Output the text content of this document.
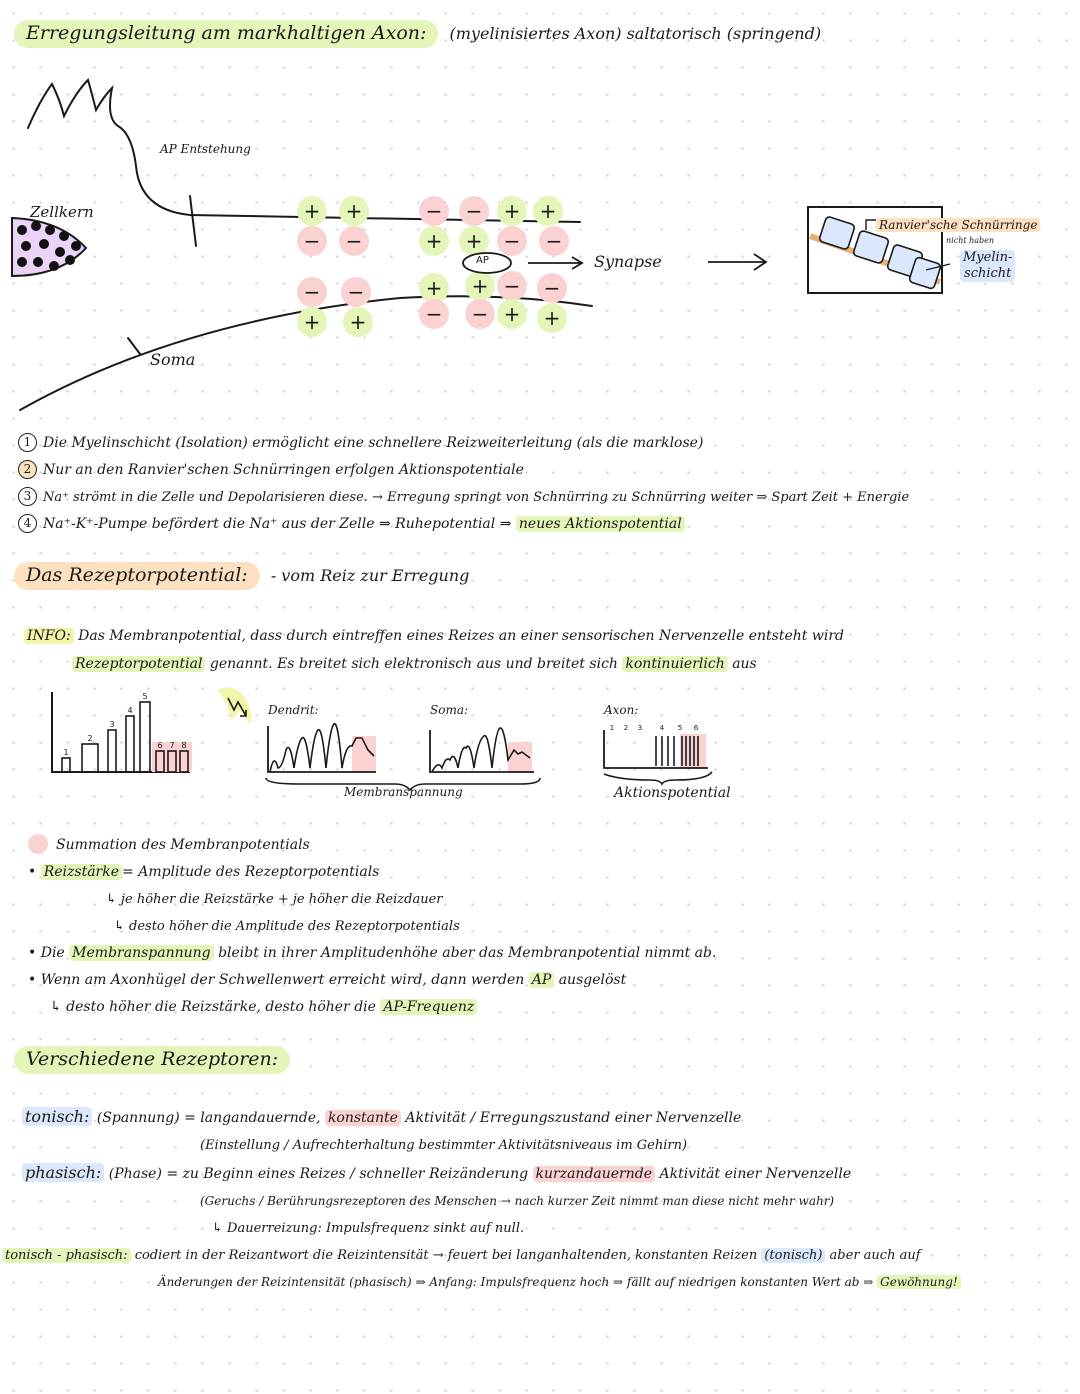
Erregungsleitung am markhaltigen Axon: (myelinisiertes Axon) saltatorisch (springend)
+ +	− − + +
− −	+ + − −
− −	+ + − −
+ +	− − + +
AP Entstehung
Zellkern
Soma
AP	Synapse
Ranvier'sche Schnürringe
nicht haben
Myelin-
schicht
1 Die Myelinschicht (Isolation) ermöglicht eine schnellere Reizweiterleitung (als die marklose)
2 Nur an den Ranvier'schen Schnürringen erfolgen Aktionspotentiale
3 Na⁺ strömt in die Zelle und Depolarisieren diese. → Erregung springt von Schnürring zu Schnürring weiter ⇒ Spart Zeit + Energie
4 Na⁺-K⁺-Pumpe befördert die Na⁺ aus der Zelle ⇒ Ruhepotential ⇒ neues Aktionspotential
Das Rezeptorpotential: - vom Reiz zur Erregung
INFO: Das Membranpotential, dass durch eintreffen eines Reizes an einer sensorischen Nervenzelle entsteht wird
Rezeptorpotential genannt. Es breitet sich elektronisch aus und breitet sich kontinuierlich aus
1
2
3
4
5
6 7 8
1 2 3	4 5 6
Dendrit:	Soma:	Axon:
Membranspannung	Aktionspotential
Summation des Membranpotentials
• Reizstärke = Amplitude des Rezeptorpotentials
↳ je höher die Reizstärke + je höher die Reizdauer
↳ desto höher die Amplitude des Rezeptorpotentials
• Die Membranspannung bleibt in ihrer Amplitudenhöhe aber das Membranpotential nimmt ab.
• Wenn am Axonhügel der Schwellenwert erreicht wird, dann werden AP ausgelöst
↳ desto höher die Reizstärke, desto höher die AP-Frequenz
Verschiedene Rezeptoren:
tonisch: (Spannung) = langandauernde, konstante Aktivität / Erregungszustand einer Nervenzelle
(Einstellung / Aufrechterhaltung bestimmter Aktivitätsniveaus im Gehirn)
phasisch: (Phase) = zu Beginn eines Reizes / schneller Reizänderung kurzandauernde Aktivität einer Nervenzelle
(Geruchs / Berührungsrezeptoren des Menschen → nach kurzer Zeit nimmt man diese nicht mehr wahr)
↳ Dauerreizung: Impulsfrequenz sinkt auf null.
tonisch - phasisch: codiert in der Reizantwort die Reizintensität → feuert bei langanhaltenden, konstanten Reizen (tonisch) aber auch auf
Änderungen der Reizintensität (phasisch) ⇒ Anfang: Impulsfrequenz hoch ⇒ fällt auf niedrigen konstanten Wert ab ⇒ Gewöhnung!
